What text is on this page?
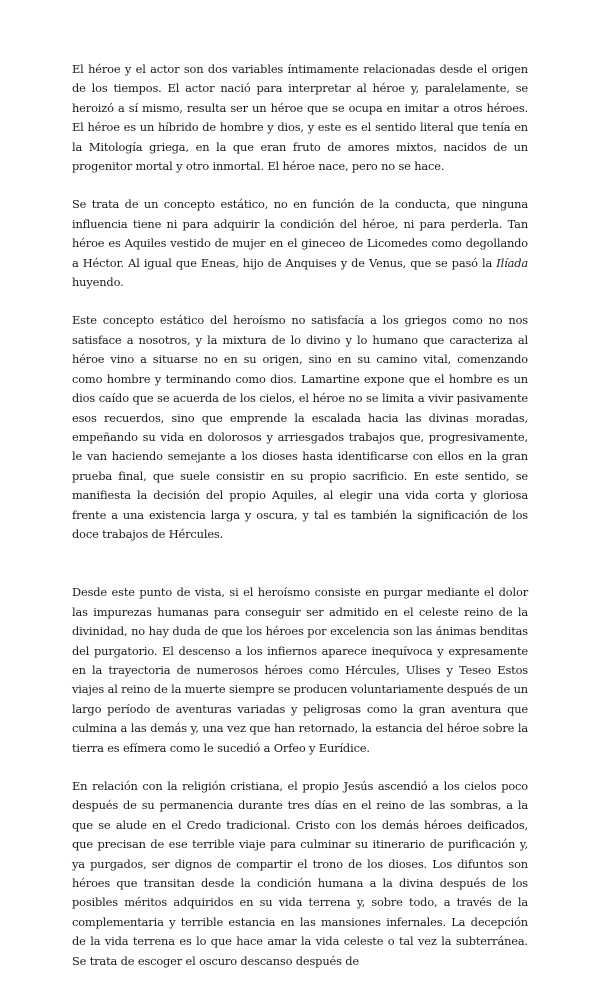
El héroe y el actor son dos variables íntimamente relacionadas desde el origen de los tiempos. El actor nació para interpretar al héroe y, paralelamente, se heroizó a sí mismo, resulta ser un héroe que se ocupa en imitar a otros héroes. El héroe es un híbrido de hombre y dios, y este es el sentido literal que tenía en la Mitología griega, en la que eran fruto de amores mixtos, nacidos de un progenitor mortal y otro inmortal. El héroe nace, pero no se hace.

Se trata de un concepto estático, no en función de la conducta, que ninguna influencia tiene ni para adquirir la condición del héroe, ni para perderla. Tan héroe es Aquiles vestido de mujer en el gineceo de Licomedes como degollando a Héctor. Al igual que Eneas, hijo de Anquises y de Venus, que se pasó la Ilíada huyendo.

Este concepto estático del heroísmo no satisfacía a los griegos como no nos satisface a nosotros, y la mixtura de lo divino y lo humano que caracteriza al héroe vino a situarse no en su origen, sino en su camino vital, comenzando como hombre y terminando como dios. Lamartine expone que el hombre es un dios caído que se acuerda de los cielos, el héroe no se limita a vivir pasivamente esos recuerdos, sino que emprende la escalada hacia las divinas moradas, empeñando su vida en dolorosos y arriesgados trabajos que, progresivamente, le van haciendo semejante a los dioses hasta identificarse con ellos en la gran prueba final, que suele consistir en su propio sacrificio. En este sentido, se manifiesta la decisión del propio Aquiles, al elegir una vida corta y gloriosa frente a una existencia larga y oscura, y tal es también la significación de los doce trabajos de Hércules.

Desde este punto de vista, si el heroísmo consiste en purgar mediante el dolor las impurezas humanas para conseguir ser admitido en el celeste reino de la divinidad, no hay duda de que los héroes por excelencia son las ánimas benditas del purgatorio. El descenso a los infiernos aparece inequívoca y expresamente en la trayectoria de numerosos héroes como Hércules, Ulises y Teseo Estos viajes al reino de la muerte siempre se producen voluntariamente después de un largo período de aventuras variadas y peligrosas como la gran aventura que culmina a las demás y, una vez que han retornado, la estancia del héroe sobre la tierra es efímera como le sucedió a Orfeo y Eurídice.

En relación con la religión cristiana, el propio Jesús ascendió a los cielos poco después de su permanencia durante tres días en el reino de las sombras, a la que se alude en el Credo tradicional. Cristo con los demás héroes deificados, que precisan de ese terrible viaje para culminar su itinerario de purificación y, ya purgados, ser dignos de compartir el trono de los dioses. Los difuntos son héroes que transitan desde la condición humana a la divina después de los posibles méritos adquiridos en su vida terrena y, sobre todo, a través de la complementaria y terrible estancia en las mansiones infernales. La decepción de la vida terrena es lo que hace amar la vida celeste o tal vez la subterránea. Se trata de escoger el oscuro descanso después de
